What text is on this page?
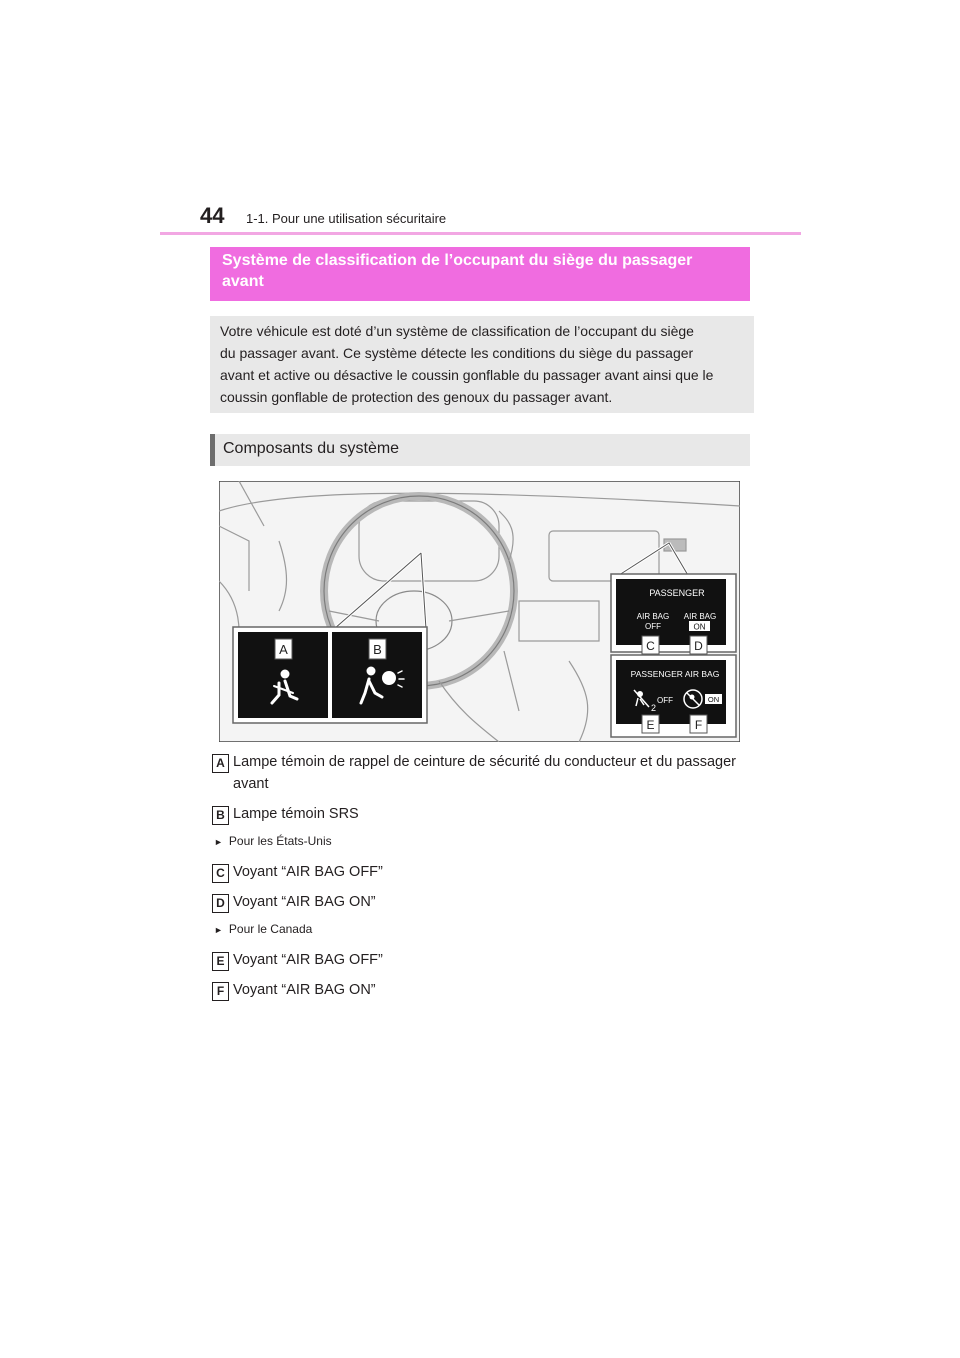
44 1-1. Pour une utilisation sécuritaire
Système de classification de l’occupant du siège du passager
avant
Votre véhicule est doté d’un système de classification de l’occupant du siège
du passager avant. Ce système détecte les conditions du siège du passager
avant et active ou désactive le coussin gonflable du passager avant ainsi que le
coussin gonflable de protection des genoux du passager avant.
Composants du système
A	B
PASSENGER
AIR BAG
OFF
AIR BAG
ON
C	D
PASSENGER AIR BAG
2
OFF	ON
E	F
A Lampe témoin de rappel de ceinture de sécurité du conducteur et du passager
avant
B Lampe témoin SRS
► Pour les États-Unis
C Voyant “AIR BAG OFF”
D Voyant “AIR BAG ON”
► Pour le Canada
E Voyant “AIR BAG OFF”
F Voyant “AIR BAG ON”
